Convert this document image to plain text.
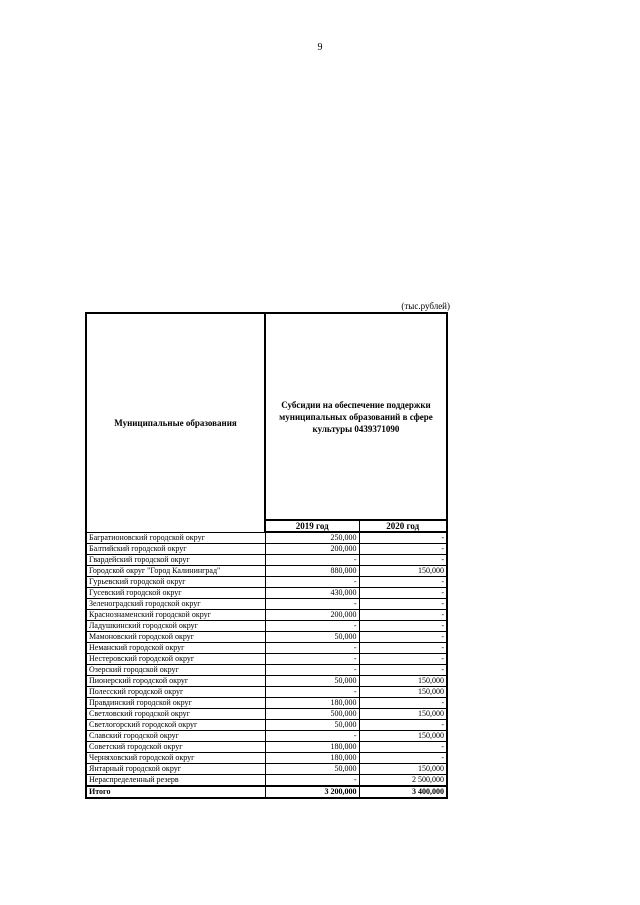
9
(тыс.рублей)
Муниципальные образования	Субсидии на обеспечение поддержки муниципальных образований в сфере культуры 0439371090	
	2019 год	2020 год
Багратионовский городской округ	250,000	-
Балтийский городской округ	200,000	-
Гвардейский городской округ	-	-
Городской округ "Город Калининград"	880,000	150,000
Гурьевский городской округ	-	-
Гусевский городской округ	430,000	-
Зеленоградский городской округ	-	-
Краснознаменский городской округ	200,000	-
Ладушкинский городской округ	-	-
Мамоновский городской округ	50,000	-
Неманский городской округ	-	-
Нестеровский городской округ	-	-
Озерский городской округ	-	-
Пионерский городской округ	50,000	150,000
Полесский городской округ	-	150,000
Правдинский городской округ	180,000	-
Светловский городской округ	500,000	150,000
Светлогорский городской округ	50,000	-
Славский городской округ	-	150,000
Советский городской округ	180,000	-
Черняховский городской округ	180,000	-
Янтарный городской округ	50,000	150,000
Нераспределенный резерв	-	2 500,000
Итого	3 200,000	3 400,000
